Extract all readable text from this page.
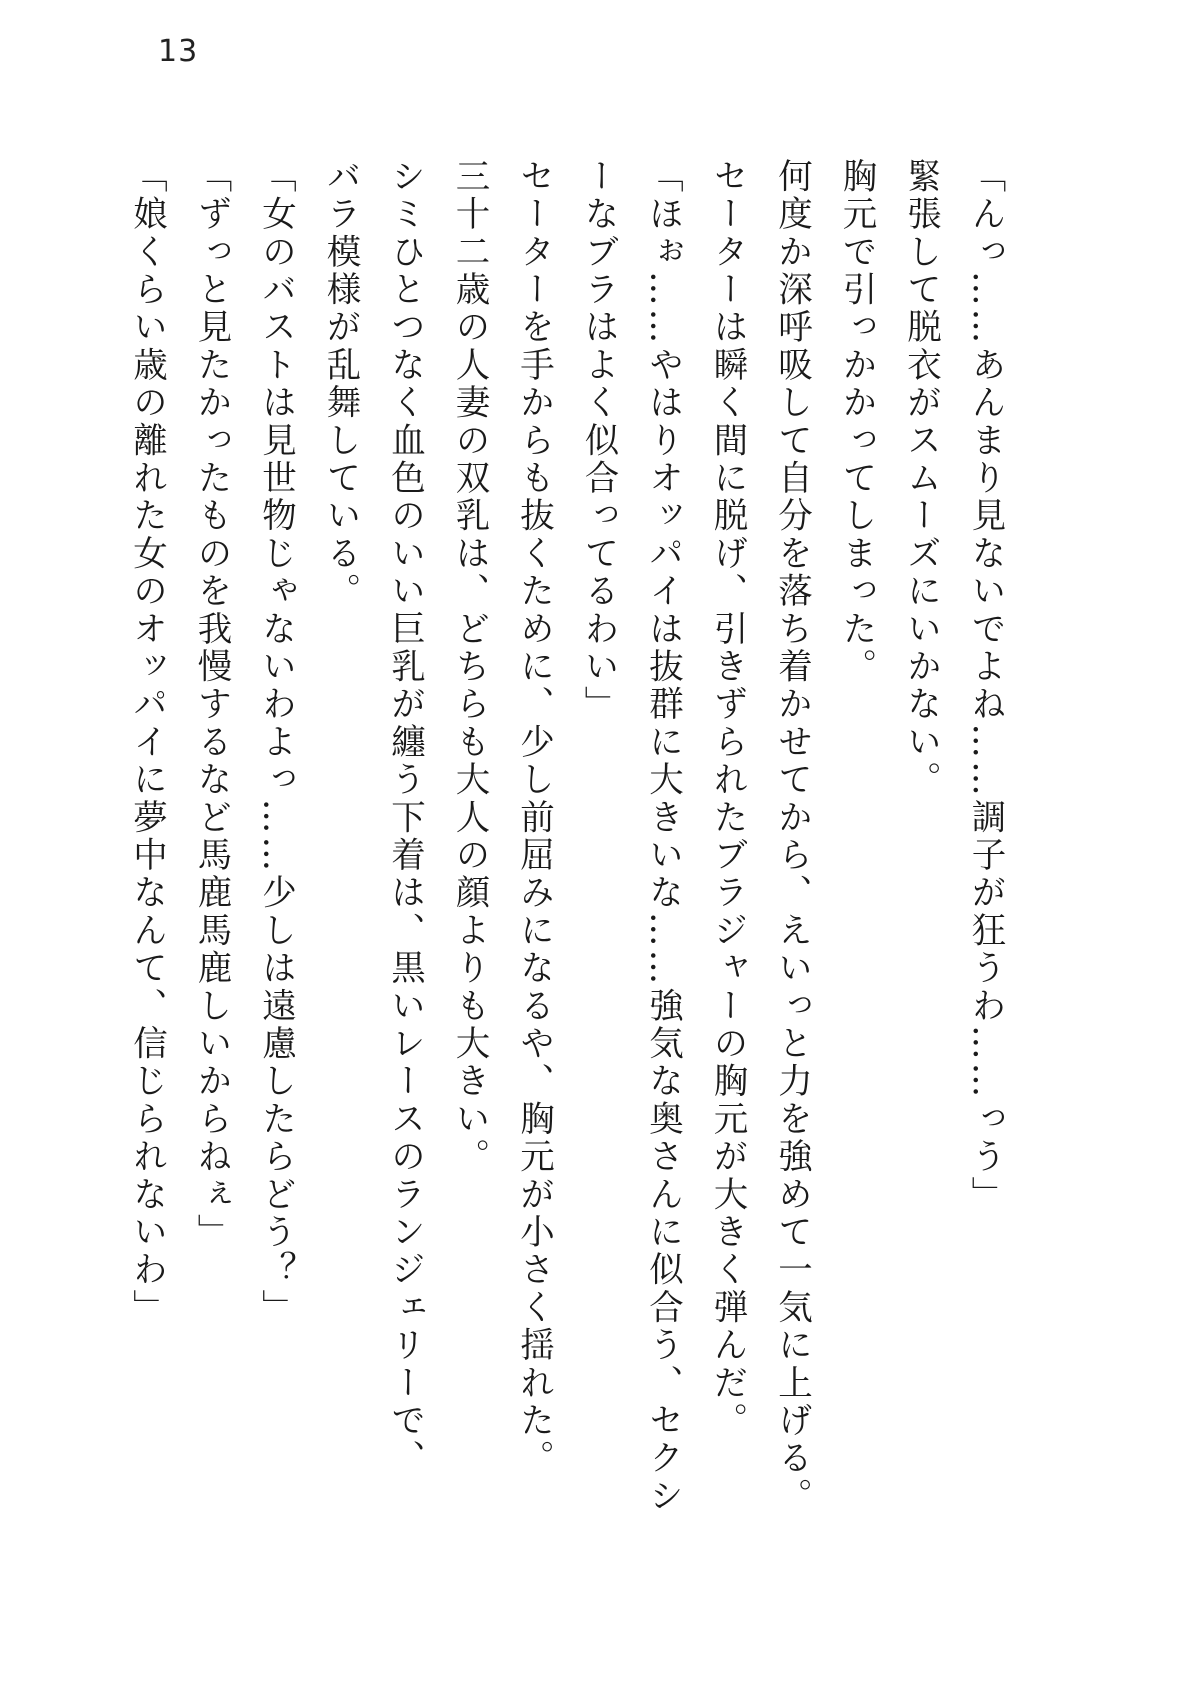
13
「んっ……あんまり見ないでよね……調子が狂うわ……っう」
緊張して脱衣がスムーズにいかない。
胸元で引っかかってしまった。
何度か深呼吸して自分を落ち着かせてから、えいっと力を強めて一気に上げる。
セーターは瞬く間に脱げ、引きずられたブラジャーの胸元が大きく弾んだ。
「ほぉ……やはりオッパイは抜群に大きいな……強気な奥さんに似合う、セクシ
ーなブラはよく似合ってるわい」
セーターを手からも抜くために、少し前屈みになるや、胸元が小さく揺れた。
三十二歳の人妻の双乳は、どちらも大人の顔よりも大きい。
シミひとつなく血色のいい巨乳が纏う下着は、黒いレースのランジェリーで、
バラ模様が乱舞している。
「女のバストは見世物じゃないわよっ……少しは遠慮したらどう？」
「ずっと見たかったものを我慢するなど馬鹿馬鹿しいからねぇ」
「娘くらい歳の離れた女のオッパイに夢中なんて、信じられないわ」
